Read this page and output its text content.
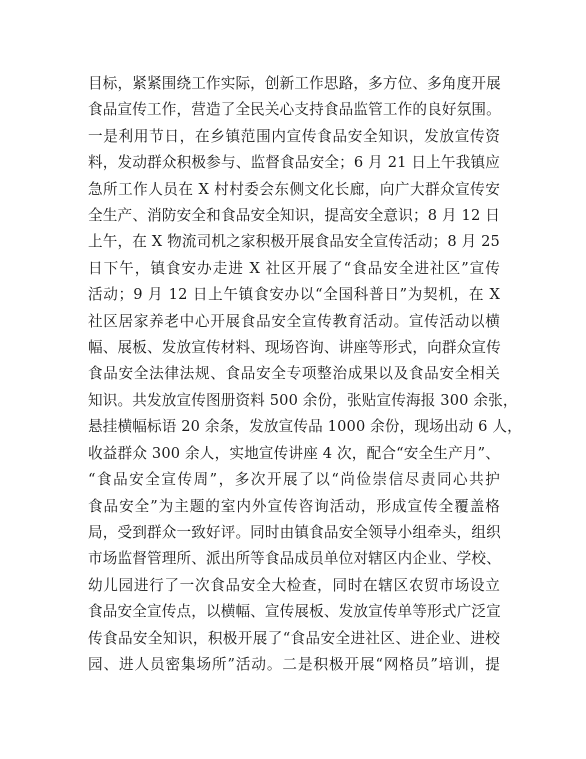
目标，紧紧围绕工作实际，创新工作思路，多方位、多角度开展
食品宣传工作，营造了全民关心支持食品监管工作的良好氛围。
一是利用节日，在乡镇范围内宣传食品安全知识，发放宣传资
料，发动群众积极参与、监督食品安全；6 月 21 日上午我镇应
急所工作人员在 X 村村委会东侧文化长廊，向广大群众宣传安
全生产、消防安全和食品安全知识，提高安全意识；8 月 12 日
上午，在 X 物流司机之家积极开展食品安全宣传活动；8 月 25
日下午，镇食安办走进 X 社区开展了“食品安全进社区”宣传
活动；9 月 12 日上午镇食安办以“全国科普日”为契机，在 X
社区居家养老中心开展食品安全宣传教育活动。宣传活动以横
幅、展板、发放宣传材料、现场咨询、讲座等形式，向群众宣传
食品安全法律法规、食品安全专项整治成果以及食品安全相关
知识。共发放宣传图册资料 500 余份，张贴宣传海报 300 余张，
悬挂横幅标语 20 余条，发放宣传品 1000 余份，现场出动 6 人，
收益群众 300 余人，实地宣传讲座 4 次，配合“安全生产月”、
“食品安全宣传周”，多次开展了以“尚俭崇信尽责同心共护
食品安全”为主题的室内外宣传咨询活动，形成宣传全覆盖格
局，受到群众一致好评。同时由镇食品安全领导小组牵头，组织
市场监督管理所、派出所等食品成员单位对辖区内企业、学校、
幼儿园进行了一次食品安全大检查，同时在辖区农贸市场设立
食品安全宣传点，以横幅、宣传展板、发放宣传单等形式广泛宣
传食品安全知识，积极开展了“食品安全进社区、进企业、进校
园、进人员密集场所”活动。二是积极开展“网格员”培训，提
